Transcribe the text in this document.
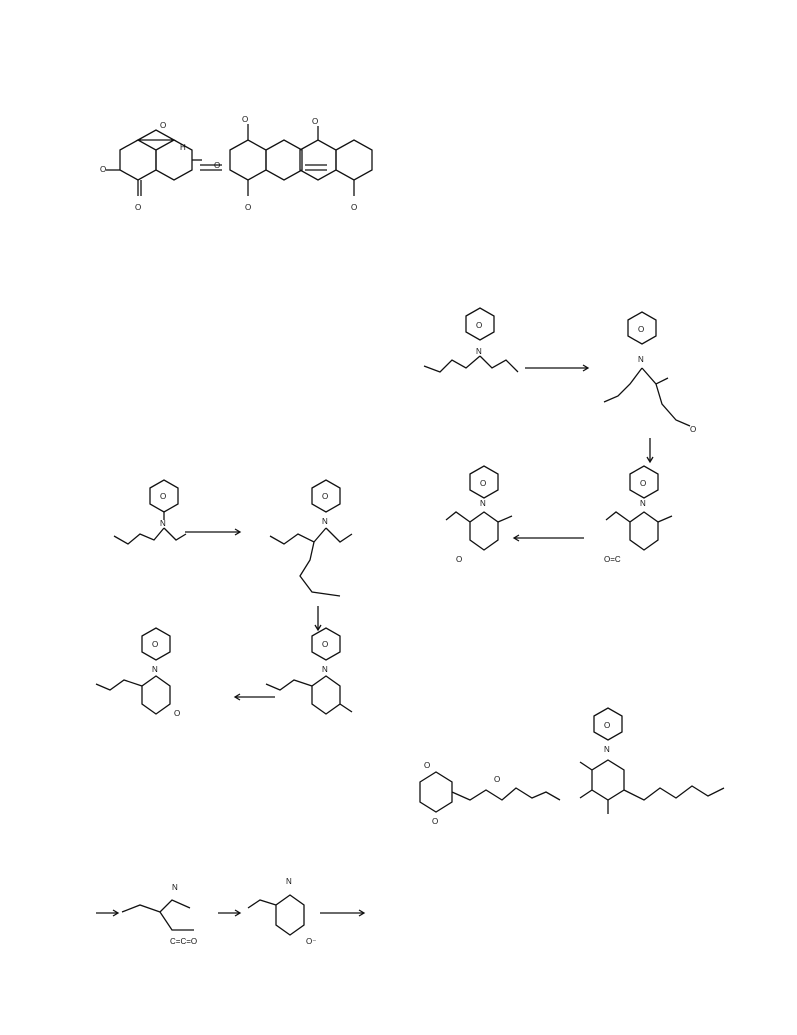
O
O
O
H
O
O
O
O
O
O
N
O
N
O
N
O
N
O
N
C=C=O
N
O⁻
O
N
O
N
O
O
N
O=C
O
N
O
O
O
O
O
N
